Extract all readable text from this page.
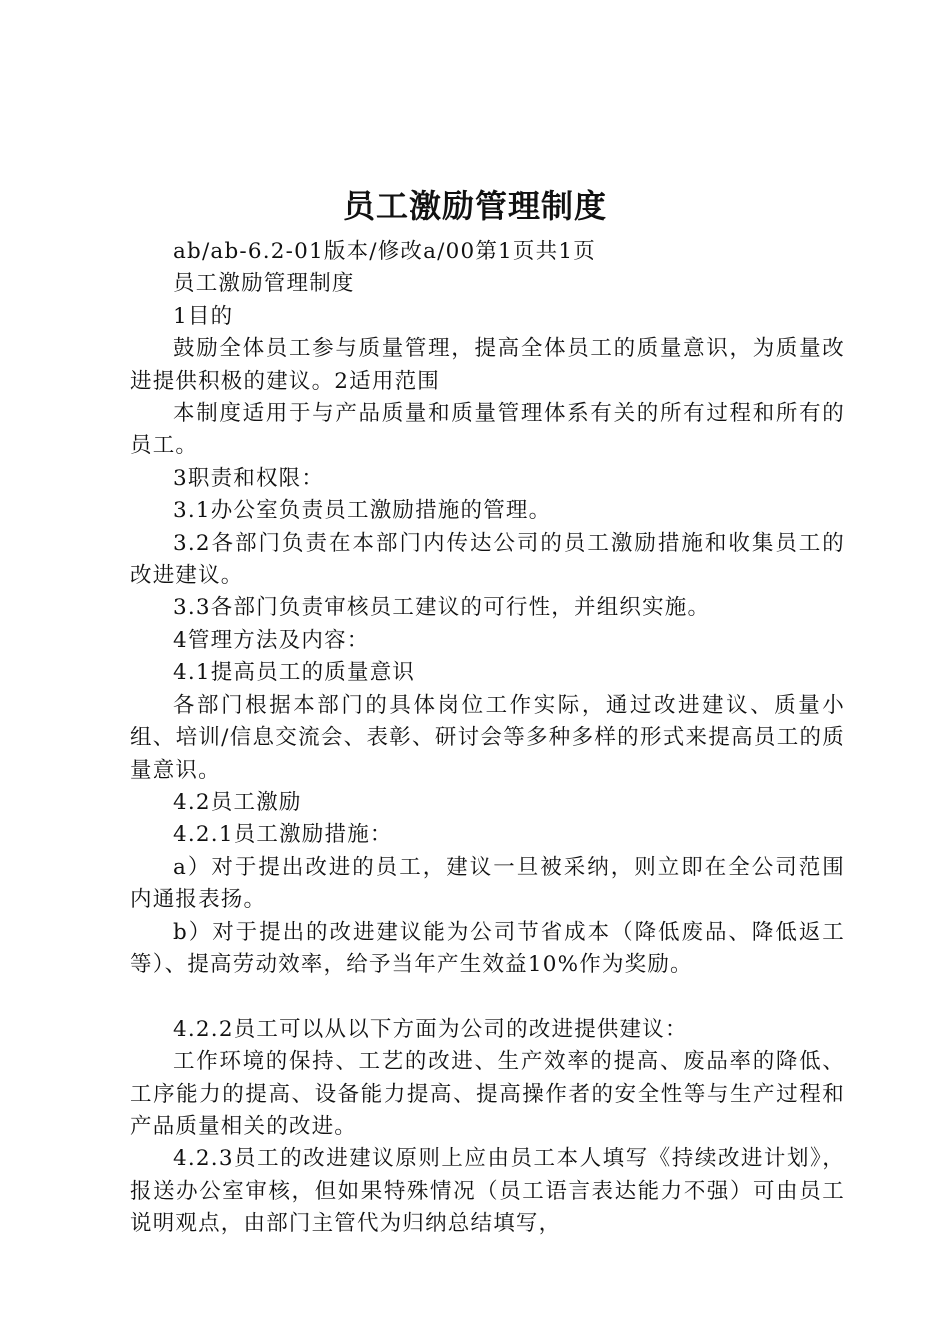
员工激励管理制度

ab/ab-6.2-01版本/修改a/00第1页共1页

员工激励管理制度

1目的

鼓励全体员工参与质量管理，提高全体员工的质量意识，为质量改进提供积极的建议。2适用范围

本制度适用于与产品质量和质量管理体系有关的所有过程和所有的员工。

3职责和权限：

3.1办公室负责员工激励措施的管理。

3.2各部门负责在本部门内传达公司的员工激励措施和收集员工的改进建议。

3.3各部门负责审核员工建议的可行性，并组织实施。

4管理方法及内容：

4.1提高员工的质量意识

各部门根据本部门的具体岗位工作实际，通过改进建议、质量小组、培训/信息交流会、表彰、研讨会等多种多样的形式来提高员工的质量意识。

4.2员工激励

4.2.1员工激励措施：

a）对于提出改进的员工，建议一旦被采纳，则立即在全公司范围内通报表扬。

b）对于提出的改进建议能为公司节省成本（降低废品、降低返工等）、提高劳动效率，给予当年产生效益10%作为奖励。

4.2.2员工可以从以下方面为公司的改进提供建议：

工作环境的保持、工艺的改进、生产效率的提高、废品率的降低、工序能力的提高、设备能力提高、提高操作者的安全性等与生产过程和产品质量相关的改进。

4.2.3员工的改进建议原则上应由员工本人填写《持续改进计划》，报送办公室审核，但如果特殊情况（员工语言表达能力不强）可由员工说明观点，由部门主管代为归纳总结填写，
